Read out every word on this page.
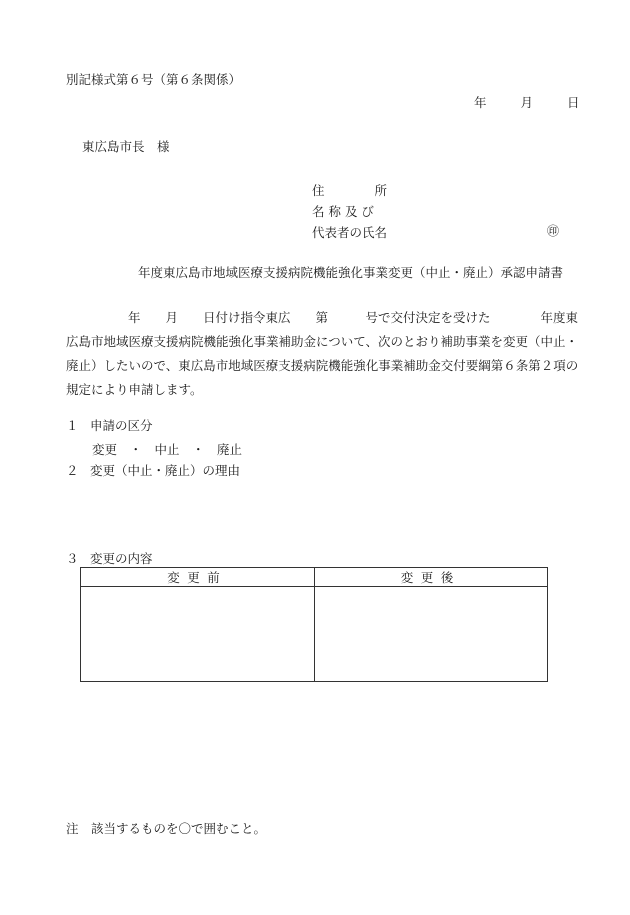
別記様式第６号（第６条関係）
年	月	日
東広島市長　様
住　　　　所
名 称 及 び
代表者の氏名	㊞
年度東広島市地域医療支援病院機能強化事業変更（中止・廃止）承認申請書
年　　月　　日付け指令東広　　第　　　号で交付決定を受けた　　　　年度東
広島市地域医療支援病院機能強化事業補助金について、次のとおり補助事業を変更（中止・
廃止）したいので、東広島市地域医療支援病院機能強化事業補助金交付要綱第６条第２項の
規定により申請します。
１ 申請の区分
変更　・　中止　・　廃止
２ 変更（中止・廃止）の理由
３ 変更の内容
変更前	変更後

注　該当するものを〇で囲むこと。
